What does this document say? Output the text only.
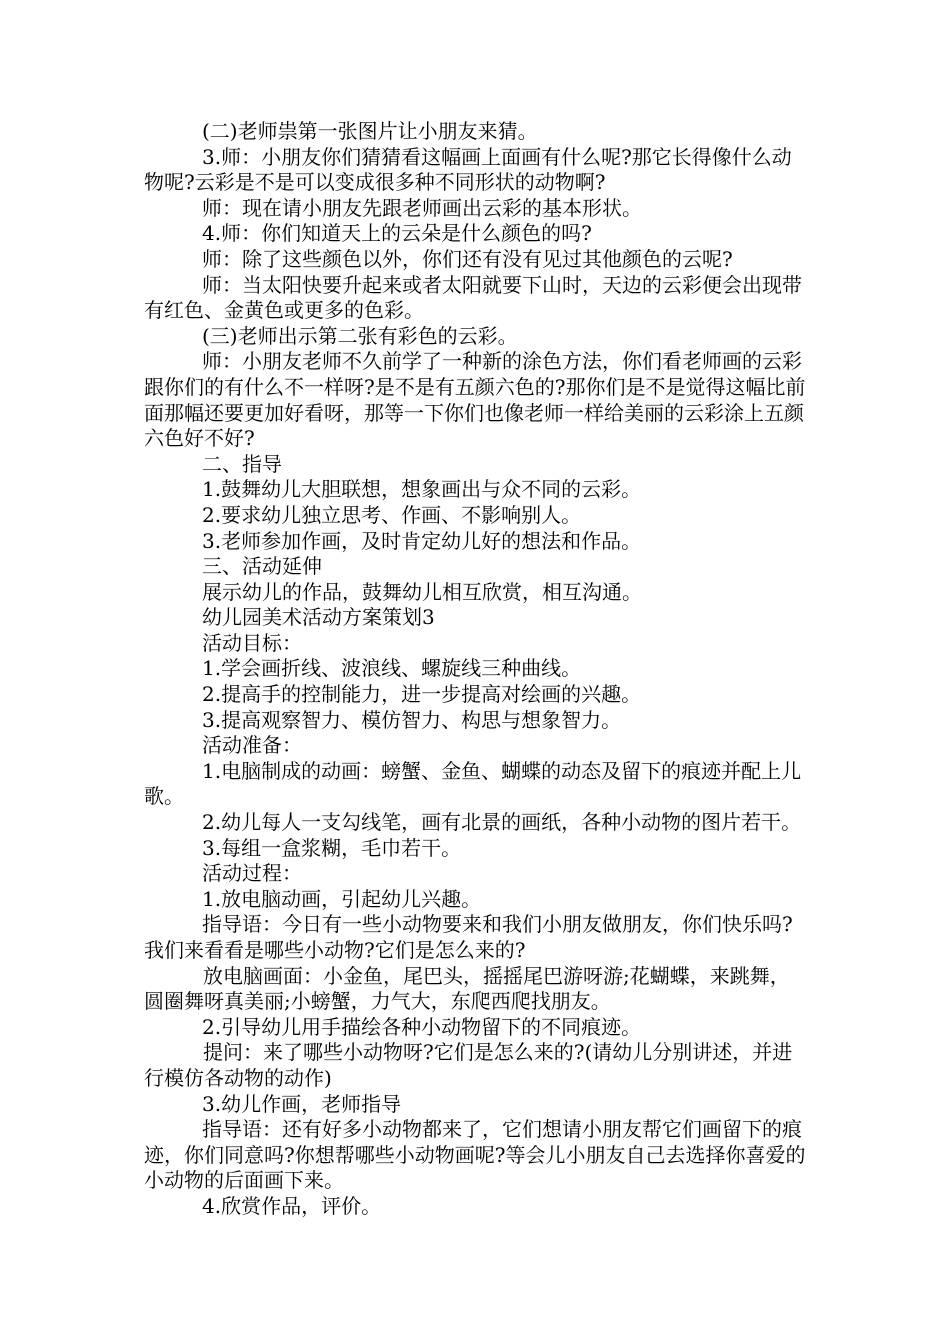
(二)老师祟第一张图片让小朋友来猜。

3.师：小朋友你们猜猜看这幅画上面画有什么呢?那它长得像什么动物呢?云彩是不是可以变成很多种不同形状的动物啊?

师：现在请小朋友先跟老师画出云彩的基本形状。

4.师：你们知道天上的云朵是什么颜色的吗?

师：除了这些颜色以外，你们还有没有见过其他颜色的云呢?

师：当太阳快要升起来或者太阳就要下山时，天边的云彩便会出现带有红色、金黄色或更多的色彩。

(三)老师出示第二张有彩色的云彩。

师：小朋友老师不久前学了一种新的涂色方法，你们看老师画的云彩跟你们的有什么不一样呀?是不是有五颜六色的?那你们是不是觉得这幅比前面那幅还要更加好看呀，那等一下你们也像老师一样给美丽的云彩涂上五颜六色好不好?

二、指导

1.鼓舞幼儿大胆联想，想象画出与众不同的云彩。

2.要求幼儿独立思考、作画、不影响别人。

3.老师参加作画，及时肯定幼儿好的想法和作品。

三、活动延伸

展示幼儿的作品，鼓舞幼儿相互欣赏，相互沟通。

幼儿园美术活动方案策划3

活动目标：

1.学会画折线、波浪线、螺旋线三种曲线。

2.提高手的控制能力，进一步提高对绘画的兴趣。

3.提高观察智力、模仿智力、构思与想象智力。

活动准备：

1.电脑制成的动画：螃蟹、金鱼、蝴蝶的动态及留下的痕迹并配上儿歌。

2.幼儿每人一支勾线笔，画有北景的画纸，各种小动物的图片若干。

3.每组一盒浆糊，毛巾若干。

活动过程：

1.放电脑动画，引起幼儿兴趣。

指导语：今日有一些小动物要来和我们小朋友做朋友，你们快乐吗?我们来看看是哪些小动物?它们是怎么来的?

放电脑画面：小金鱼，尾巴头，摇摇尾巴游呀游;花蝴蝶，来跳舞，圆圈舞呀真美丽;小螃蟹，力气大，东爬西爬找朋友。

2.引导幼儿用手描绘各种小动物留下的不同痕迹。

提问：来了哪些小动物呀?它们是怎么来的?(请幼儿分别讲述，并进行模仿各动物的动作)

3.幼儿作画，老师指导

指导语：还有好多小动物都来了，它们想请小朋友帮它们画留下的痕迹，你们同意吗?你想帮哪些小动物画呢?等会儿小朋友自己去选择你喜爱的小动物的后面画下来。

4.欣赏作品，评价。
